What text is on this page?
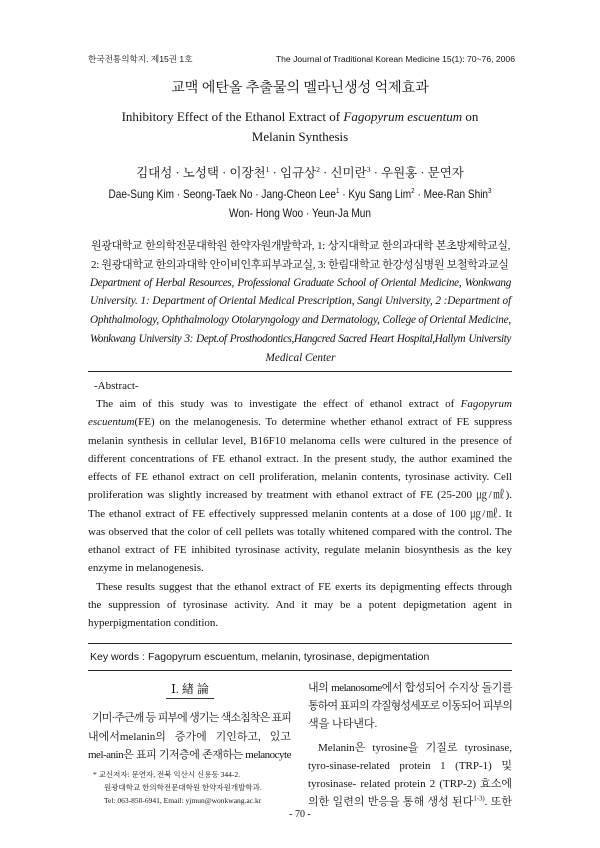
한국전통의학지. 제15권 1호	The Journal of Traditional Korean Medicine 15(1): 70~76, 2006
교맥 에탄올 추출물의 멜라닌생성 억제효과
Inhibitory Effect of the Ethanol Extract of Fagopyrum escuentum on
Melanin Synthesis
김대성 · 노성택 · 이장천$^1$ · 임규상$^2$ · 신미란$^3$ · 우원홍 · 문연자
Dae-Sung Kim · Seong-Taek No · Jang-Cheon Lee$^1$ · Kyu Sang Lim$^2$ · Mee-Ran Shin$^3$
Won- Hong Woo · Yeun-Ja Mun
원광대학교 한의학전문대학원 한약자원개발학과, 1: 상지대학교 한의과대학 본초방제학교실,
2: 원광대학교 한의과대학 안이비인후피부과교실, 3: 한림대학교 한강성심병원 보철학과교실
Department of Herbal Resources, Professional Graduate School of Oriental Medicine, Wonkwang
University. 1: Department of Oriental Medical Prescription, Sangi University, 2 :Department of
Ophthalmology, Ophthalmology Otolaryngology and Dermatology, College of Oriental Medicine,
Wonkwang University 3: Dept.of Prosthodontics,Hangcred Sacred Heart Hospital,Hallym University
Medical Center
-Abstract-
The aim of this study was to investigate the effect of ethanol extract of Fagopyrum
escuentum(FE) on the melanogenesis. To determine whether ethanol extract of FE suppress
melanin synthesis in cellular level, B16F10 melanoma cells were cultured in the presence of
different concentrations of FE ethanol extract. In the present study, the author examined the
effects of FE ethanol extract on cell proliferation, melanin contents, tyrosinase activity. Cell
proliferation was slightly increased by treatment with ethanol extract of FE (25-200 ㎍/㎖).
The ethanol extract of FE effectively suppressed melanin contents at a dose of 100 ㎍/㎖. It
was observed that the color of cell pellets was totally whitened compared with the control. The
ethanol extract of FE inhibited tyrosinase activity, regulate melanin biosynthesis as the key
enzyme in melanogenesis.
These results suggest that the ethanol extract of FE exerts its depigmenting effects through
the suppression of tyrosinase activity. And it may be a potent depigmetation agent in
hyperpigmentation condition.
Key words : Fagopyrum escuentum, melanin, tyrosinase, depigmentation
Ⅰ. 緖 論
기미·주근깨 등 피부에 생기는 색소침착은 표피
내에서melanin의 증가에 기인하고, 있고
mel-anin은 표피 기저층에 존재하는 melanocyte
* 교신저자: 문연자, 전북 익산시 신용동 344-2.
원광대학교 한의학전문대학원 한약자원개발학과.
Tel: 063-850-6941, Email: yjmun@wonkwang.ac.kr
내의 melanosome에서 합성되어 수지상 돌기를
통하여 표피의 각질형성세포로 이동되어 피부의
색을 나타낸다.
Melanin은 tyrosine을 기질로 tyrosinase,
tyro-sinase-related protein 1 (TRP-1) 및
tyrosinase- related protein 2 (TRP-2) 효소에
의한 일련의 반응을 통해 생성 된다$^{1-3)}$. 또한
- 70 -
